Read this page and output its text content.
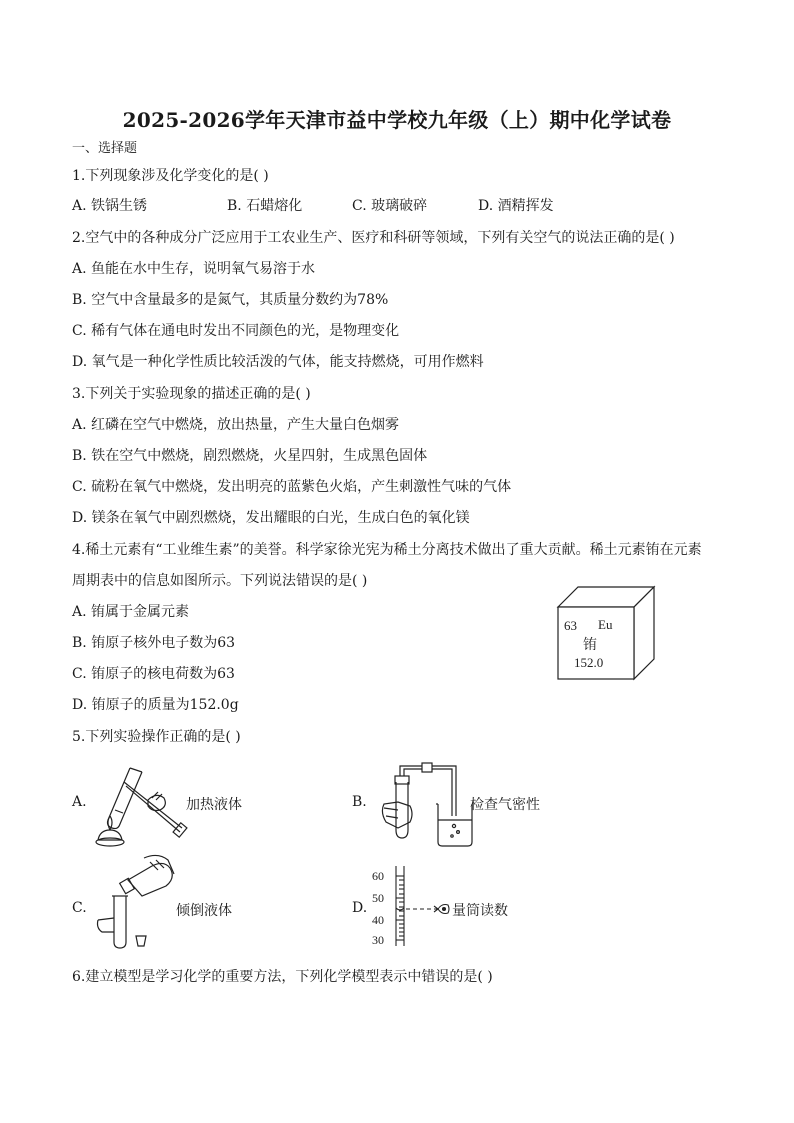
2025-2026学年天津市益中学校九年级（上）期中化学试卷
一、选择题
1.下列现象涉及化学变化的是( )
A. 铁锅生锈	B. 石蜡熔化	C. 玻璃破碎	D. 酒精挥发
2.空气中的各种成分广泛应用于工农业生产、医疗和科研等领域，下列有关空气的说法正确的是( )
A. 鱼能在水中生存，说明氧气易溶于水
B. 空气中含量最多的是氮气，其质量分数约为78%
C. 稀有气体在通电时发出不同颜色的光，是物理变化
D. 氧气是一种化学性质比较活泼的气体，能支持燃烧，可用作燃料
3.下列关于实验现象的描述正确的是( )
A. 红磷在空气中燃烧，放出热量，产生大量白色烟雾
B. 铁在空气中燃烧，剧烈燃烧，火星四射，生成黑色固体
C. 硫粉在氧气中燃烧，发出明亮的蓝紫色火焰，产生刺激性气味的气体
D. 镁条在氧气中剧烈燃烧，发出耀眼的白光，生成白色的氧化镁
4.稀土元素有“工业维生素”的美誉。科学家徐光宪为稀土分离技术做出了重大贡献。稀土元素铕在元素
周期表中的信息如图所示。下列说法错误的是( )
A. 铕属于金属元素
B. 铕原子核外电子数为63
C. 铕原子的核电荷数为63
D. 铕原子的质量为152.0g
63 Eu
铕
152.0
5.下列实验操作正确的是( )
A.	加热液体	B.	检查气密性
C.	倾倒液体	D.
60
50
40
30
量筒读数
6.建立模型是学习化学的重要方法，下列化学模型表示中错误的是( )
